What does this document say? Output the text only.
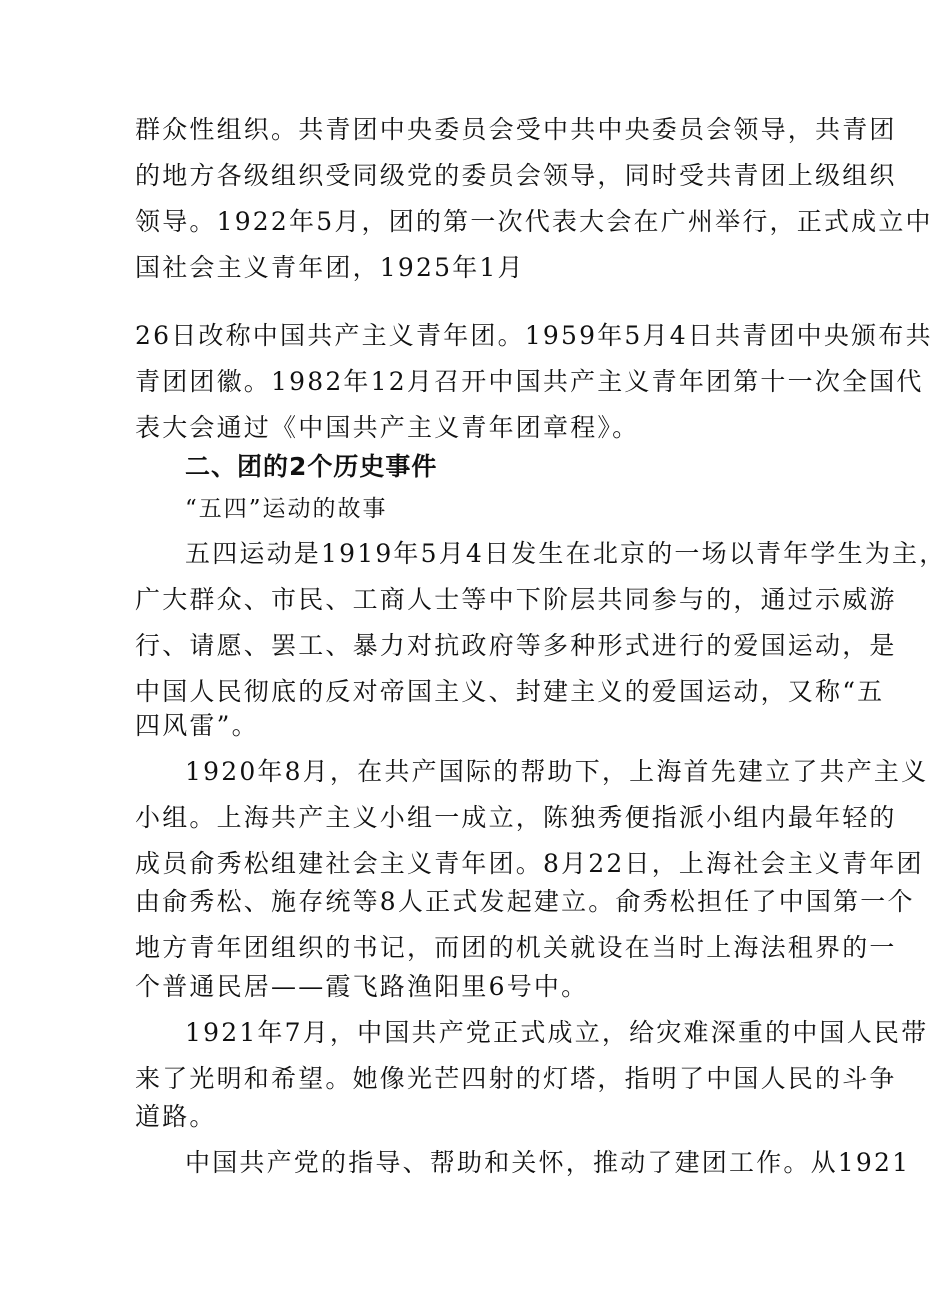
群众性组织。共青团中央委员会受中共中央委员会领导，共青团
的地方各级组织受同级党的委员会领导，同时受共青团上级组织
领导。1922年5月，团的第一次代表大会在广州举行，正式成立中
国社会主义青年团，1925年1月
26日改称中国共产主义青年团。1959年5月4日共青团中央颁布共
青团团徽。1982年12月召开中国共产主义青年团第十一次全国代
表大会通过《中国共产主义青年团章程》。
二、团的2个历史事件
“五四”运动的故事
五四运动是1919年5月4日发生在北京的一场以青年学生为主，
广大群众、市民、工商人士等中下阶层共同参与的，通过示威游
行、请愿、罢工、暴力对抗政府等多种形式进行的爱国运动，是
中国人民彻底的反对帝国主义、封建主义的爱国运动，又称“五
四风雷”。
1920年8月，在共产国际的帮助下，上海首先建立了共产主义
小组。上海共产主义小组一成立，陈独秀便指派小组内最年轻的
成员俞秀松组建社会主义青年团。8月22日，上海社会主义青年团
由俞秀松、施存统等8人正式发起建立。俞秀松担任了中国第一个
地方青年团组织的书记，而团的机关就设在当时上海法租界的一
个普通民居——霞飞路渔阳里6号中。
1921年7月，中国共产党正式成立，给灾难深重的中国人民带
来了光明和希望。她像光芒四射的灯塔，指明了中国人民的斗争
道路。
中国共产党的指导、帮助和关怀，推动了建团工作。从1921
